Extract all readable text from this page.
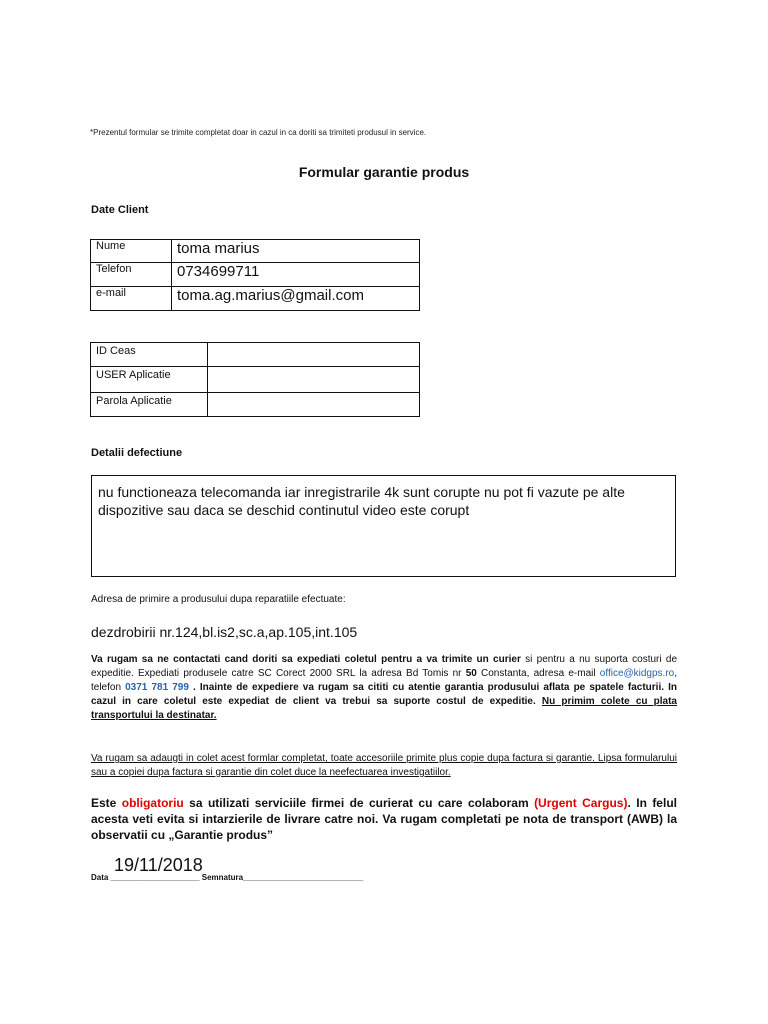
*Prezentul formular se trimite completat doar in cazul in ca doriti sa trimiteti produsul in service.
Formular garantie produs
Date Client
Nume	toma marius
Telefon	0734699711
e-mail	toma.ag.marius@gmail.com
ID Ceas	
USER Aplicatie	
Parola Aplicatie	
Detalii defectiune
nu functioneaza telecomanda iar inregistrarile 4k sunt corupte nu pot fi vazute pe alte dispozitive sau daca se deschid continutul video este corupt
Adresa de primire a produsului dupa reparatiile efectuate:
dezdrobirii nr.124,bl.is2,sc.a,ap.105,int.105
Va rugam sa ne contactati cand doriti sa expediati coletul pentru a va trimite un curier si pentru a nu suporta costuri de expeditie. Expediati produsele catre SC Corect 2000 SRL la adresa Bd Tomis nr 50 Constanta, adresa e-mail office@kidgps.ro, telefon 0371 781 799 . Inainte de expediere va rugam sa cititi cu atentie garantia produsului aflata pe spatele facturii. In cazul in care coletul este expediat de client va trebui sa suporte costul de expeditie. Nu primim colete cu plata transportului la destinatar.
Va rugam sa adaugti in colet acest formlar completat, toate accesoriile primite plus copie dupa factura si garantie. Lipsa formularului sau a copiei dupa factura si garantie din colet duce la neefectuarea investigatiilor.
Este obligatoriu sa utilizati serviciile firmei de curierat cu care colaboram (Urgent Cargus). In felul acesta veti evita si intarzierile de livrare catre noi. Va rugam completati pe nota de transport (AWB) la observatii cu „Garantie produs”
19/11/2018
Data ____________________ Semnatura___________________________
